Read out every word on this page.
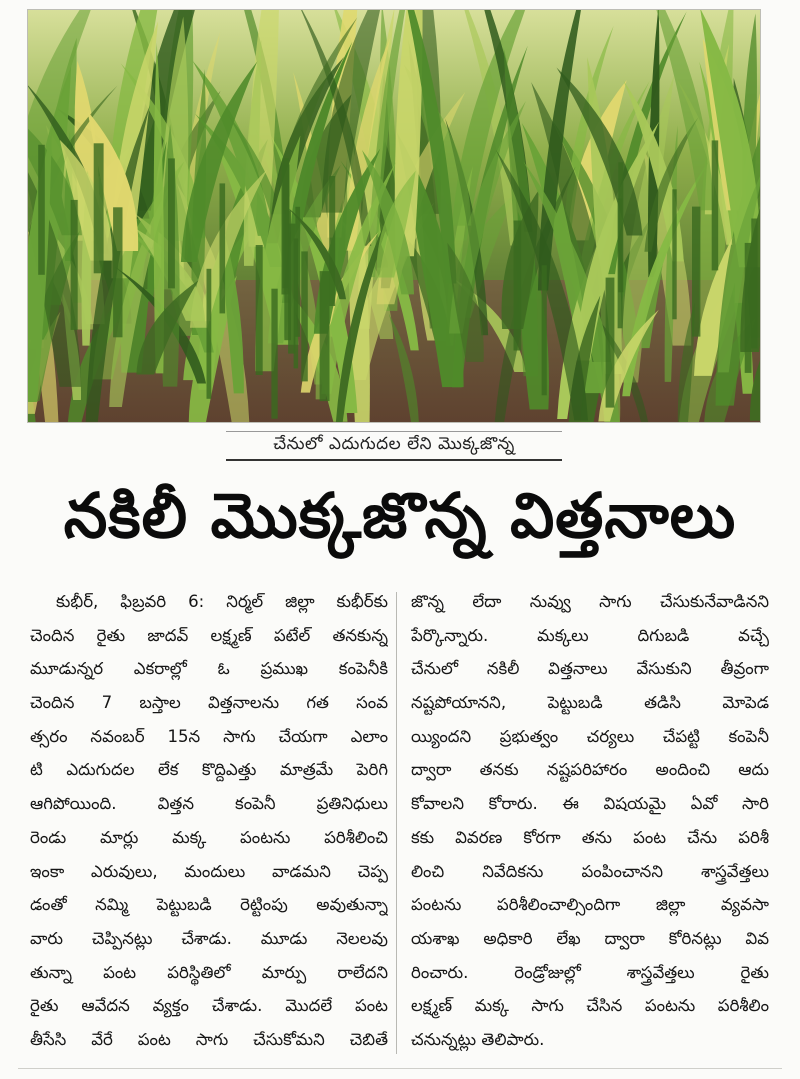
చేనులో ఎదుగుదల లేని మొక్కజొన్న
నకిలీ మొక్కజొన్న విత్తనాలు
కుభీర్, ఫిబ్రవరి 6: నిర్మల్ జిల్లా కుభీర్‌కు
చెందిన రైతు జాదవ్ లక్ష్మణ్ పటేల్ తనకున్న
మూడున్నర ఎకరాల్లో ఓ ప్రముఖ కంపెనీకి
చెందిన 7 బస్తాల విత్తనాలను గత సంవ
త్సరం నవంబర్ 15న సాగు చేయగా ఎలాం
టి ఎదుగుదల లేక కొద్దిఎత్తు మాత్రమే పెరిగి
ఆగిపోయింది. విత్తన కంపెనీ ప్రతినిధులు
రెండు మార్లు మక్క పంటను పరిశీలించి
ఇంకా ఎరువులు, మందులు వాడమని చెప్ప
డంతో నమ్మి పెట్టుబడి రెట్టింపు అవుతున్నా
వారు చెప్పినట్లు చేశాడు. మూడు నెలలవు
తున్నా పంట పరిస్థితిలో మార్పు రాలేదని
రైతు ఆవేదన వ్యక్తం చేశాడు. మొదలే పంట
తీసేసి వేరే పంట సాగు చేసుకోమని చెబితే
జొన్న లేదా నువ్వు సాగు చేసుకునేవాడినని
పేర్కొన్నారు. మక్కలు దిగుబడి వచ్చే
చేనులో నకిలీ విత్తనాలు వేసుకుని తీవ్రంగా
నష్టపోయానని, పెట్టుబడి తడిసి మోపెడ
య్యిందని ప్రభుత్వం చర్యలు చేపట్టి కంపెనీ
ద్వారా తనకు నష్టపరిహారం అందించి ఆదు
కోవాలని కోరారు. ఈ విషయమై ఏవో సారి
కకు వివరణ కోరగా తను పంట చేను పరిశీ
లించి నివేదికను పంపించానని శాస్త్రవేత్తలు
పంటను పరిశీలించాల్సిందిగా జిల్లా వ్యవసా
యశాఖ అధికారి లేఖ ద్వారా కోరినట్లు వివ
రించారు. రెండ్రోజుల్లో శాస్త్రవేత్తలు రైతు
లక్ష్మణ్ మక్క సాగు చేసిన పంటను పరిశీలిం
చనున్నట్లు తెలిపారు.
